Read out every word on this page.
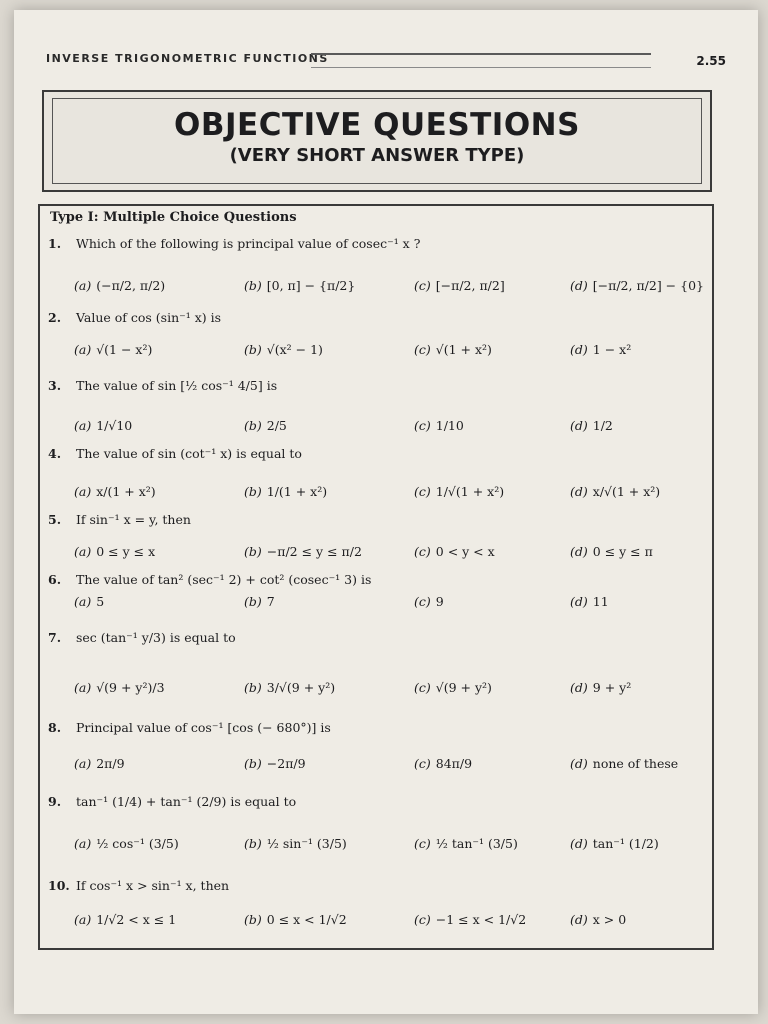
INVERSE TRIGONOMETRIC FUNCTIONS	2.55
OBJECTIVE QUESTIONS
(VERY SHORT ANSWER TYPE)
Type I: Multiple Choice Questions
1. Which of the following is principal value of cosec⁻¹ x ?
(a) (−π/2, π/2)	(b) [0, π] − {π/2}	(c) [−π/2, π/2]	(d) [−π/2, π/2] − {0}
2. Value of cos (sin⁻¹ x) is
(a) √(1 − x²)	(b) √(x² − 1)	(c) √(1 + x²)	(d) 1 − x²
3. The value of sin [½ cos⁻¹ 4/5] is
(a) 1/√10	(b) 2/5	(c) 1/10	(d) 1/2
4. The value of sin (cot⁻¹ x) is equal to
(a) x/(1 + x²)	(b) 1/(1 + x²)	(c) 1/√(1 + x²)	(d) x/√(1 + x²)
5. If sin⁻¹ x = y, then
(a) 0 ≤ y ≤ x	(b) −π/2 ≤ y ≤ π/2	(c) 0 < y < x	(d) 0 ≤ y ≤ π
6. The value of tan² (sec⁻¹ 2) + cot² (cosec⁻¹ 3) is
(a) 5	(b) 7	(c) 9	(d) 11
7. sec (tan⁻¹ y/3) is equal to
(a) √(9 + y²)/3	(b) 3/√(9 + y²)	(c) √(9 + y²)	(d) 9 + y²
8. Principal value of cos⁻¹ [cos (− 680°)] is
(a) 2π/9	(b) −2π/9	(c) 84π/9	(d) none of these
9. tan⁻¹ (1/4) + tan⁻¹ (2/9) is equal to
(a) ½ cos⁻¹ (3/5)	(b) ½ sin⁻¹ (3/5)	(c) ½ tan⁻¹ (3/5)	(d) tan⁻¹ (1/2)
10. If cos⁻¹ x > sin⁻¹ x, then
(a) 1/√2 < x ≤ 1	(b) 0 ≤ x < 1/√2	(c) −1 ≤ x < 1/√2	(d) x > 0
